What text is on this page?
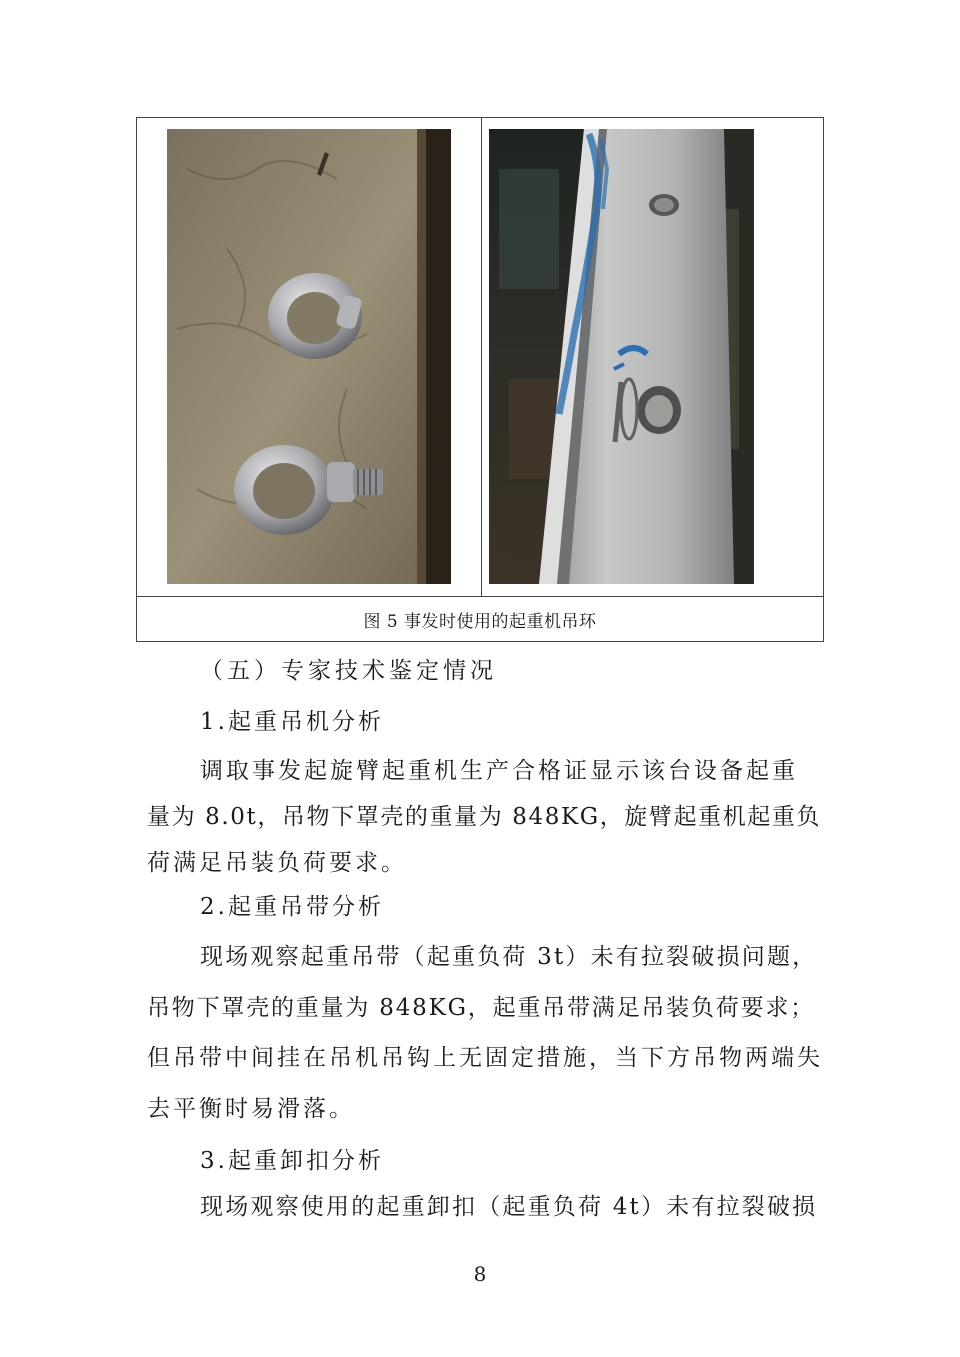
图 5 事发时使用的起重机吊环
（五）专家技术鉴定情况
1.起重吊机分析
调取事发起旋臂起重机生产合格证显示该台设备起重
量为 8.0t，吊物下罩壳的重量为 848KG，旋臂起重机起重负
荷满足吊装负荷要求。
2.起重吊带分析
现场观察起重吊带（起重负荷 3t）未有拉裂破损问题，
吊物下罩壳的重量为 848KG，起重吊带满足吊装负荷要求；
但吊带中间挂在吊机吊钩上无固定措施，当下方吊物两端失
去平衡时易滑落。
3.起重卸扣分析
现场观察使用的起重卸扣（起重负荷 4t）未有拉裂破损
8
